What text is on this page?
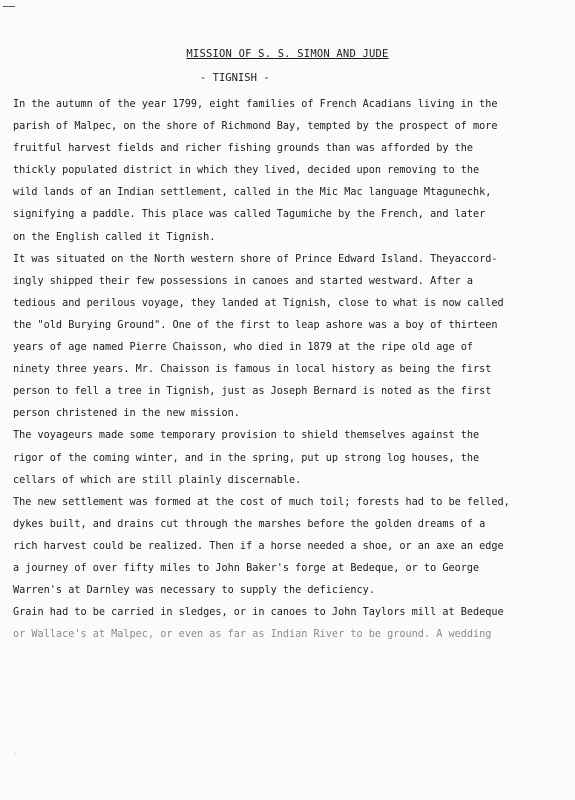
MISSION OF S. S. SIMON AND JUDE
- TIGNISH -
In the autumn of the year 1799, eight families of French Acadians living in the
parish of Malpec, on the shore of Richmond Bay, tempted by the prospect of more
fruitful harvest fields and richer fishing grounds than was afforded by the
thickly populated district in which they lived, decided upon removing to the
wild lands of an Indian settlement, called in the Mic Mac language Mtagunechk,
signifying a paddle. This place was called Tagumiche by the French, and later
on the English called it Tignish.
It was situated on the North western shore of Prince Edward Island. Theyaccord-
ingly shipped their few possessions in canoes and started westward. After a
tedious and perilous voyage, they landed at Tignish, close to what is now called
the "old Burying Ground". One of the first to leap ashore was a boy of thirteen
years of age named Pierre Chaisson, who died in 1879 at the ripe old age of
ninety three years. Mr. Chaisson is famous in local history as being the first
person to fell a tree in Tignish, just as Joseph Bernard is noted as the first
person christened in the new mission.
The voyageurs made some temporary provision to shield themselves against the
rigor of the coming winter, and in the spring, put up strong log houses, the
cellars of which are still plainly discernable.
The new settlement was formed at the cost of much toil; forests had to be felled,
dykes built, and drains cut through the marshes before the golden dreams of a
rich harvest could be realized. Then if a horse needed a shoe, or an axe an edge
a journey of over fifty miles to John Baker's forge at Bedeque, or to George
Warren's at Darnley was necessary to supply the deficiency.
Grain had to be carried in sledges, or in canoes to John Taylors mill at Bedeque
or Wallace's at Malpec, or even as far as Indian River to be ground. A wedding
·
